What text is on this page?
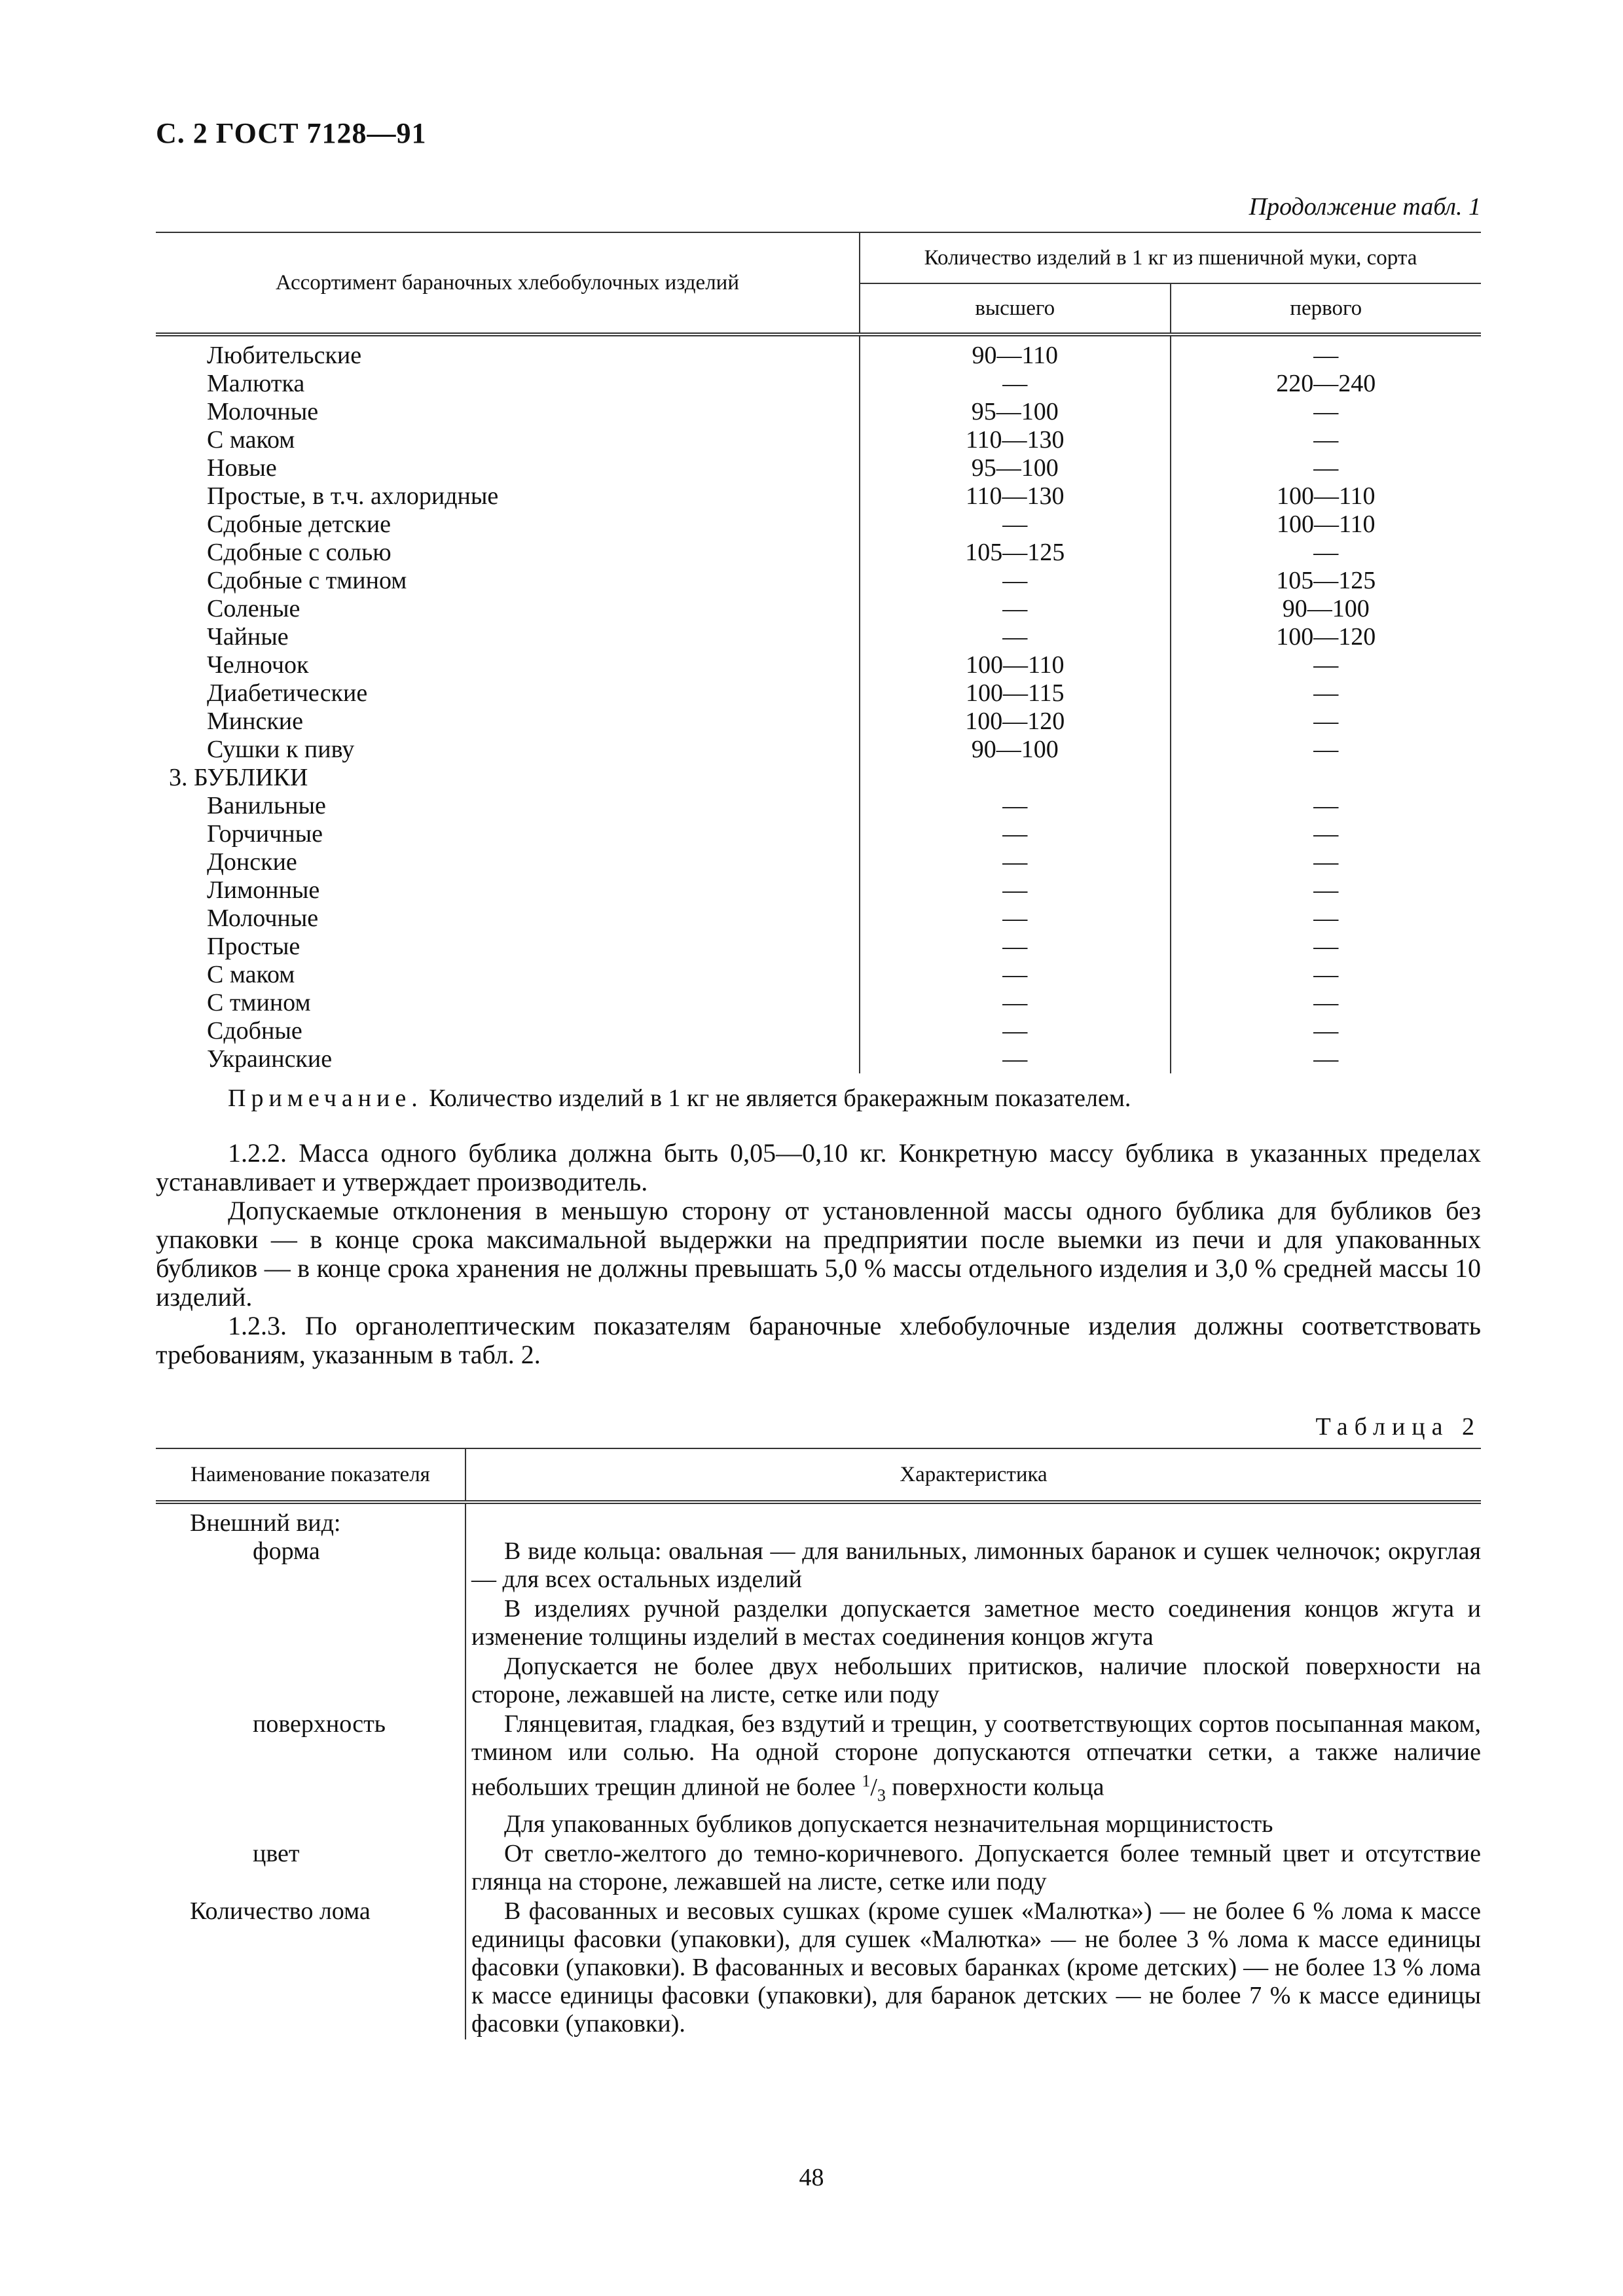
С. 2 ГОСТ 7128—91
Продолжение табл. 1
Ассортимент бараночных хлебобулочных изделий	Количество изделий в 1 кг из пшеничной муки, сорта	
	высшего	первого
Любительские	90—110	—
Малютка	—	220—240
Молочные	95—100	—
С маком	110—130	—
Новые	95—100	—
Простые, в т.ч. ахлоридные	110—130	100—110
Сдобные детские	—	100—110
Сдобные с солью	105—125	—
Сдобные с тмином	—	105—125
Соленые	—	90—100
Чайные	—	100—120
Челночок	100—110	—
Диабетические	100—115	—
Минские	100—120	—
Сушки к пиву	90—100	—
3. БУБЛИКИ		
Ванильные	—	—
Горчичные	—	—
Донские	—	—
Лимонные	—	—
Молочные	—	—
Простые	—	—
С маком	—	—
С тмином	—	—
Сдобные	—	—
Украинские	—	—
Примечание. Количество изделий в 1 кг не является бракеражным показателем.

1.2.2. Масса одного бублика должна быть 0,05—0,10 кг. Конкретную массу бублика в указанных пределах устанавливает и утверждает производитель.

Допускаемые отклонения в меньшую сторону от установленной массы одного бублика для бубликов без упаковки — в конце срока максимальной выдержки на предприятии после выемки из печи и для упакованных бубликов — в конце срока хранения не должны превышать 5,0 % массы отдельного изделия и 3,0 % средней массы 10 изделий.

1.2.3. По органолептическим показателям бараночные хлебобулочные изделия должны соответствовать требованиям, указанным в табл. 2.

Таблица 2
Наименование показателя	Характеристика

Внешний вид:	

форма	В виде кольца: овальная — для ванильных, лимонных баранок и сушек челночок; округлая — для всех остальных изделий

В изделиях ручной разделки допускается заметное место соединения концов жгута и изменение толщины изделий в местах соединения концов жгута

Допускается не более двух небольших притисков, наличие плоской поверхности на стороне, лежавшей на листе, сетке или поду

поверхность	Глянцевитая, гладкая, без вздутий и трещин, у соответствующих сортов посыпанная маком, тмином или солью. На одной стороне допускаются отпечатки сетки, а также наличие небольших трещин длиной не более $^1/_3$ поверхности кольца

Для упакованных бубликов допускается незначительная морщинистость

цвет	От светло-желтого до темно-коричневого. Допускается более темный цвет и отсутствие глянца на стороне, лежавшей на листе, сетке или поду

Количество лома	В фасованных и весовых сушках (кроме сушек «Малютка») — не более 6 % лома к массе единицы фасовки (упаковки), для сушек «Малютка» — не более 3 % лома к массе единицы фасовки (упаковки). В фасованных и весовых баранках (кроме детских) — не более 13 % лома к массе единицы фасовки (упаковки), для баранок детских — не более 7 % к массе единицы фасовки (упаковки).

48
